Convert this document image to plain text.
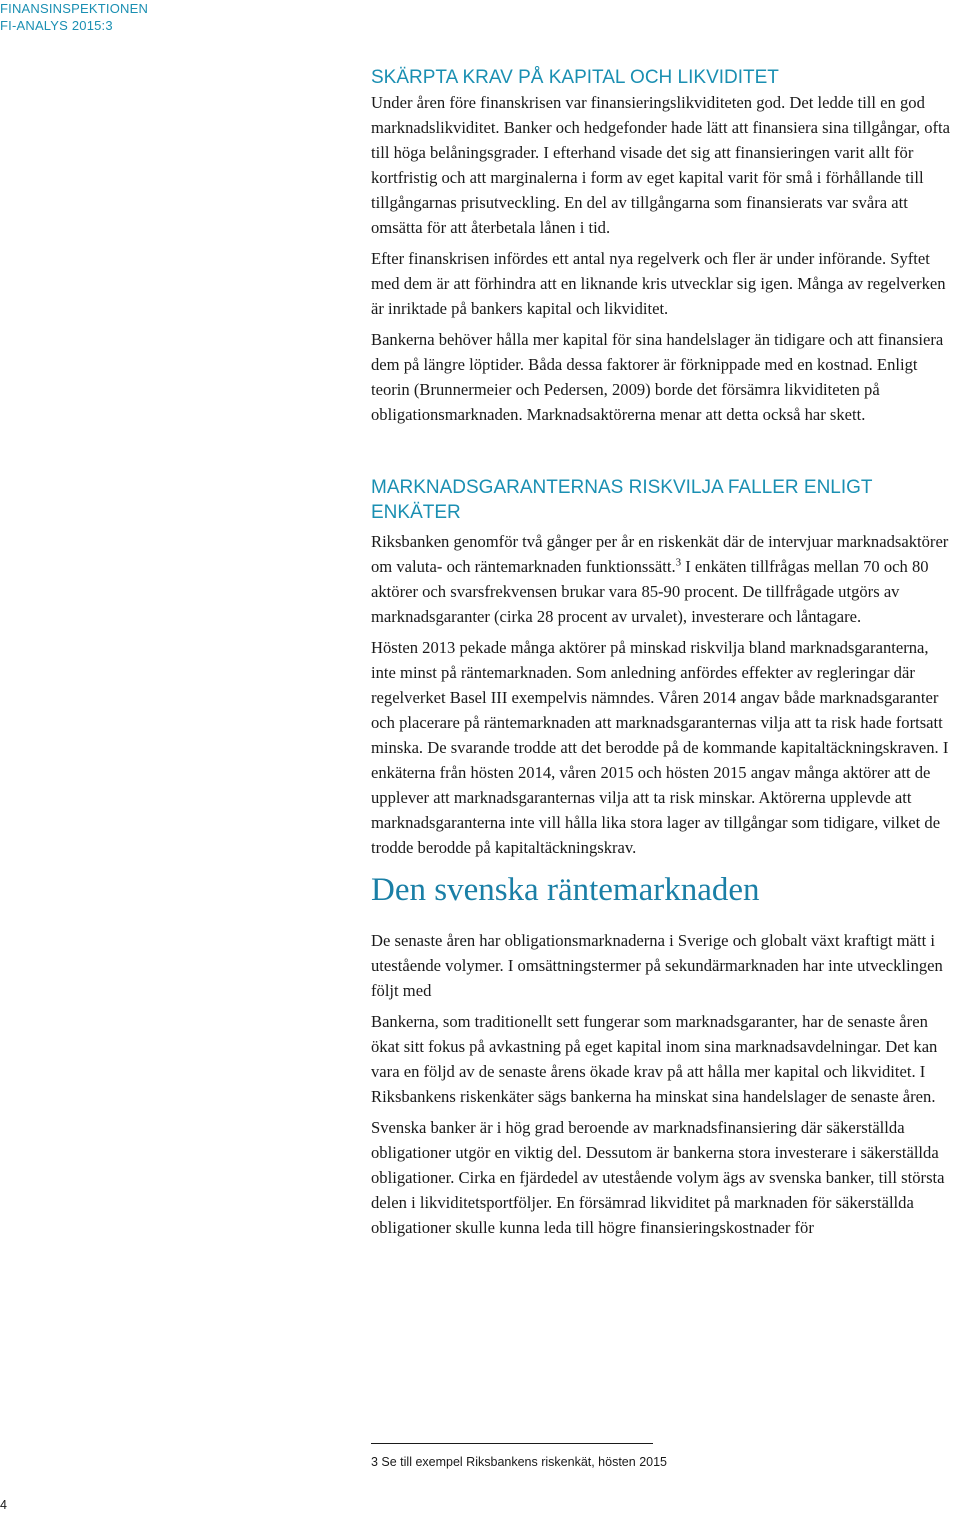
FINANSINSPEKTIONEN
FI-ANALYS 2015:3
SKÄRPTA KRAV PÅ KAPITAL OCH LIKVIDITET

Under åren före finanskrisen var finansieringslikviditeten god. Det ledde till en god marknadslikviditet. Banker och hedgefonder hade lätt att finansiera sina tillgångar, ofta till höga belåningsgrader. I efterhand visade det sig att finansieringen varit allt för kortfristig och att marginalerna i form av eget kapital varit för små i förhållande till tillgångarnas prisutveckling. En del av tillgångarna som finansierats var svåra att omsätta för att återbetala lånen i tid.

Efter finanskrisen infördes ett antal nya regelverk och fler är under införande. Syftet med dem är att förhindra att en liknande kris utvecklar sig igen. Många av regelverken är inriktade på bankers kapital och likviditet.

Bankerna behöver hålla mer kapital för sina handelslager än tidigare och att finansiera dem på längre löptider. Båda dessa faktorer är förknippade med en kostnad. Enligt teorin (Brunnermeier och Pedersen, 2009) borde det försämra likviditeten på obligationsmarknaden. Marknadsaktörerna menar att detta också har skett.

MARKNADSGARANTERNAS RISKVILJA FALLER ENLIGT ENKÄTER

Riksbanken genomför två gånger per år en riskenkät där de intervjuar marknadsaktörer om valuta- och räntemarknaden funktionssätt.$^3$ I enkäten tillfrågas mellan 70 och 80 aktörer och svarsfrekvensen brukar vara 85-90 procent. De tillfrågade utgörs av marknadsgaranter (cirka 28 procent av urvalet), investerare och låntagare.

Hösten 2013 pekade många aktörer på minskad riskvilja bland marknadsgaranterna, inte minst på räntemarknaden. Som anledning anfördes effekter av regleringar där regelverket Basel III exempelvis nämndes. Våren 2014 angav både marknadsgaranter och placerare på räntemarknaden att marknadsgaranternas vilja att ta risk hade fortsatt minska. De svarande trodde att det berodde på de kommande kapitaltäckningskraven. I enkäterna från hösten 2014, våren 2015 och hösten 2015 angav många aktörer att de upplever att marknadsgaranternas vilja att ta risk minskar. Aktörerna upplevde att marknadsgaranterna inte vill hålla lika stora lager av tillgångar som tidigare, vilket de trodde berodde på kapitaltäckningskrav.

Den svenska räntemarknaden

De senaste åren har obligationsmarknaderna i Sverige och globalt växt kraftigt mätt i utestående volymer. I omsättningstermer på sekundärmarknaden har inte utvecklingen följt med

Bankerna, som traditionellt sett fungerar som marknadsgaranter, har de senaste åren ökat sitt fokus på avkastning på eget kapital inom sina marknadsavdelningar. Det kan vara en följd av de senaste årens ökade krav på att hålla mer kapital och likviditet. I Riksbankens riskenkäter sägs bankerna ha minskat sina handelslager de senaste åren.

Svenska banker är i hög grad beroende av marknadsfinansiering där säkerställda obligationer utgör en viktig del. Dessutom är bankerna stora investerare i säkerställda obligationer. Cirka en fjärdedel av utestående volym ägs av svenska banker, till största delen i likviditetsportföljer. En försämrad likviditet på marknaden för säkerställda obligationer skulle kunna leda till högre finansieringskostnader för

3 Se till exempel Riksbankens riskenkät, hösten 2015
4
